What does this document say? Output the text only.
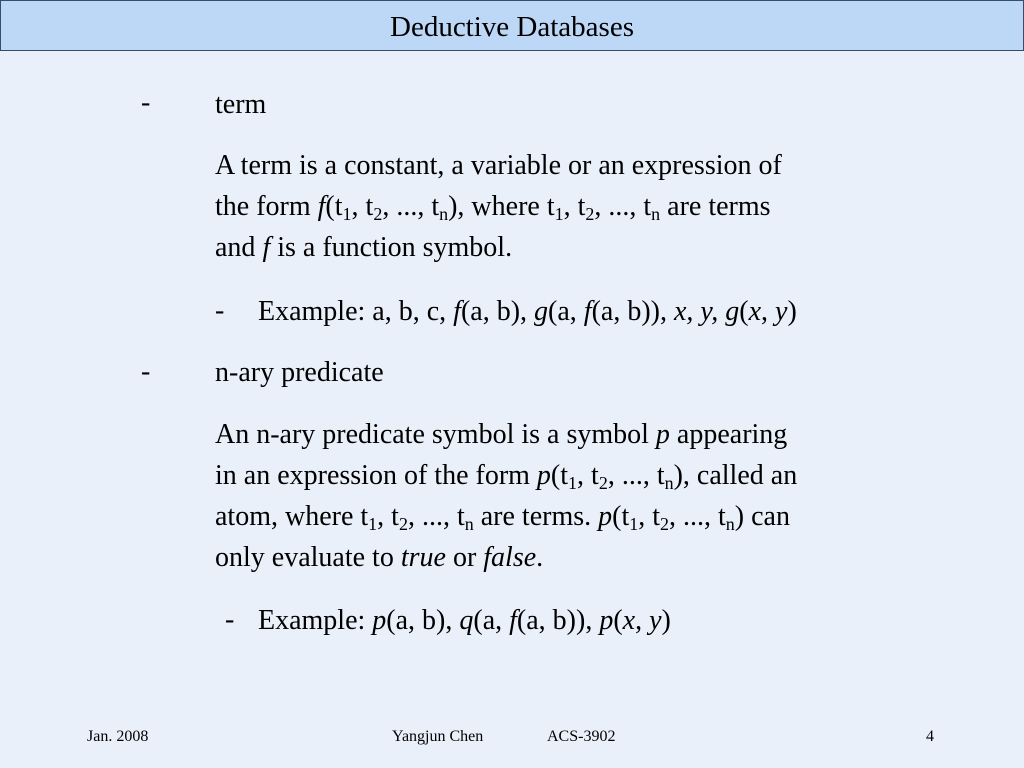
Deductive Databases
- term
A term is a constant, a variable or an expression of
the form $f(t_1$, $t_2$, ..., $t_n$), where $t_1$, $t_2$, ..., $t_n$ are terms
and f is a function symbol.
- Example: a, b, c, f(a, b), g(a, f(a, b)), x, y, g(x, y)
- n-ary predicate
An n-ary predicate symbol is a symbol p appearing
in an expression of the form $p(t_1$, $t_2$, ..., $t_n$), called an
atom, where $t_1$, $t_2$, ..., $t_n$ are terms. $p(t_1$, $t_2$, ..., $t_n$) can
only evaluate to true or false.
- Example: p(a, b), q(a, f(a, b)), p(x, y)
Jan. 2008	Yangjun Chen	ACS-3902	4
